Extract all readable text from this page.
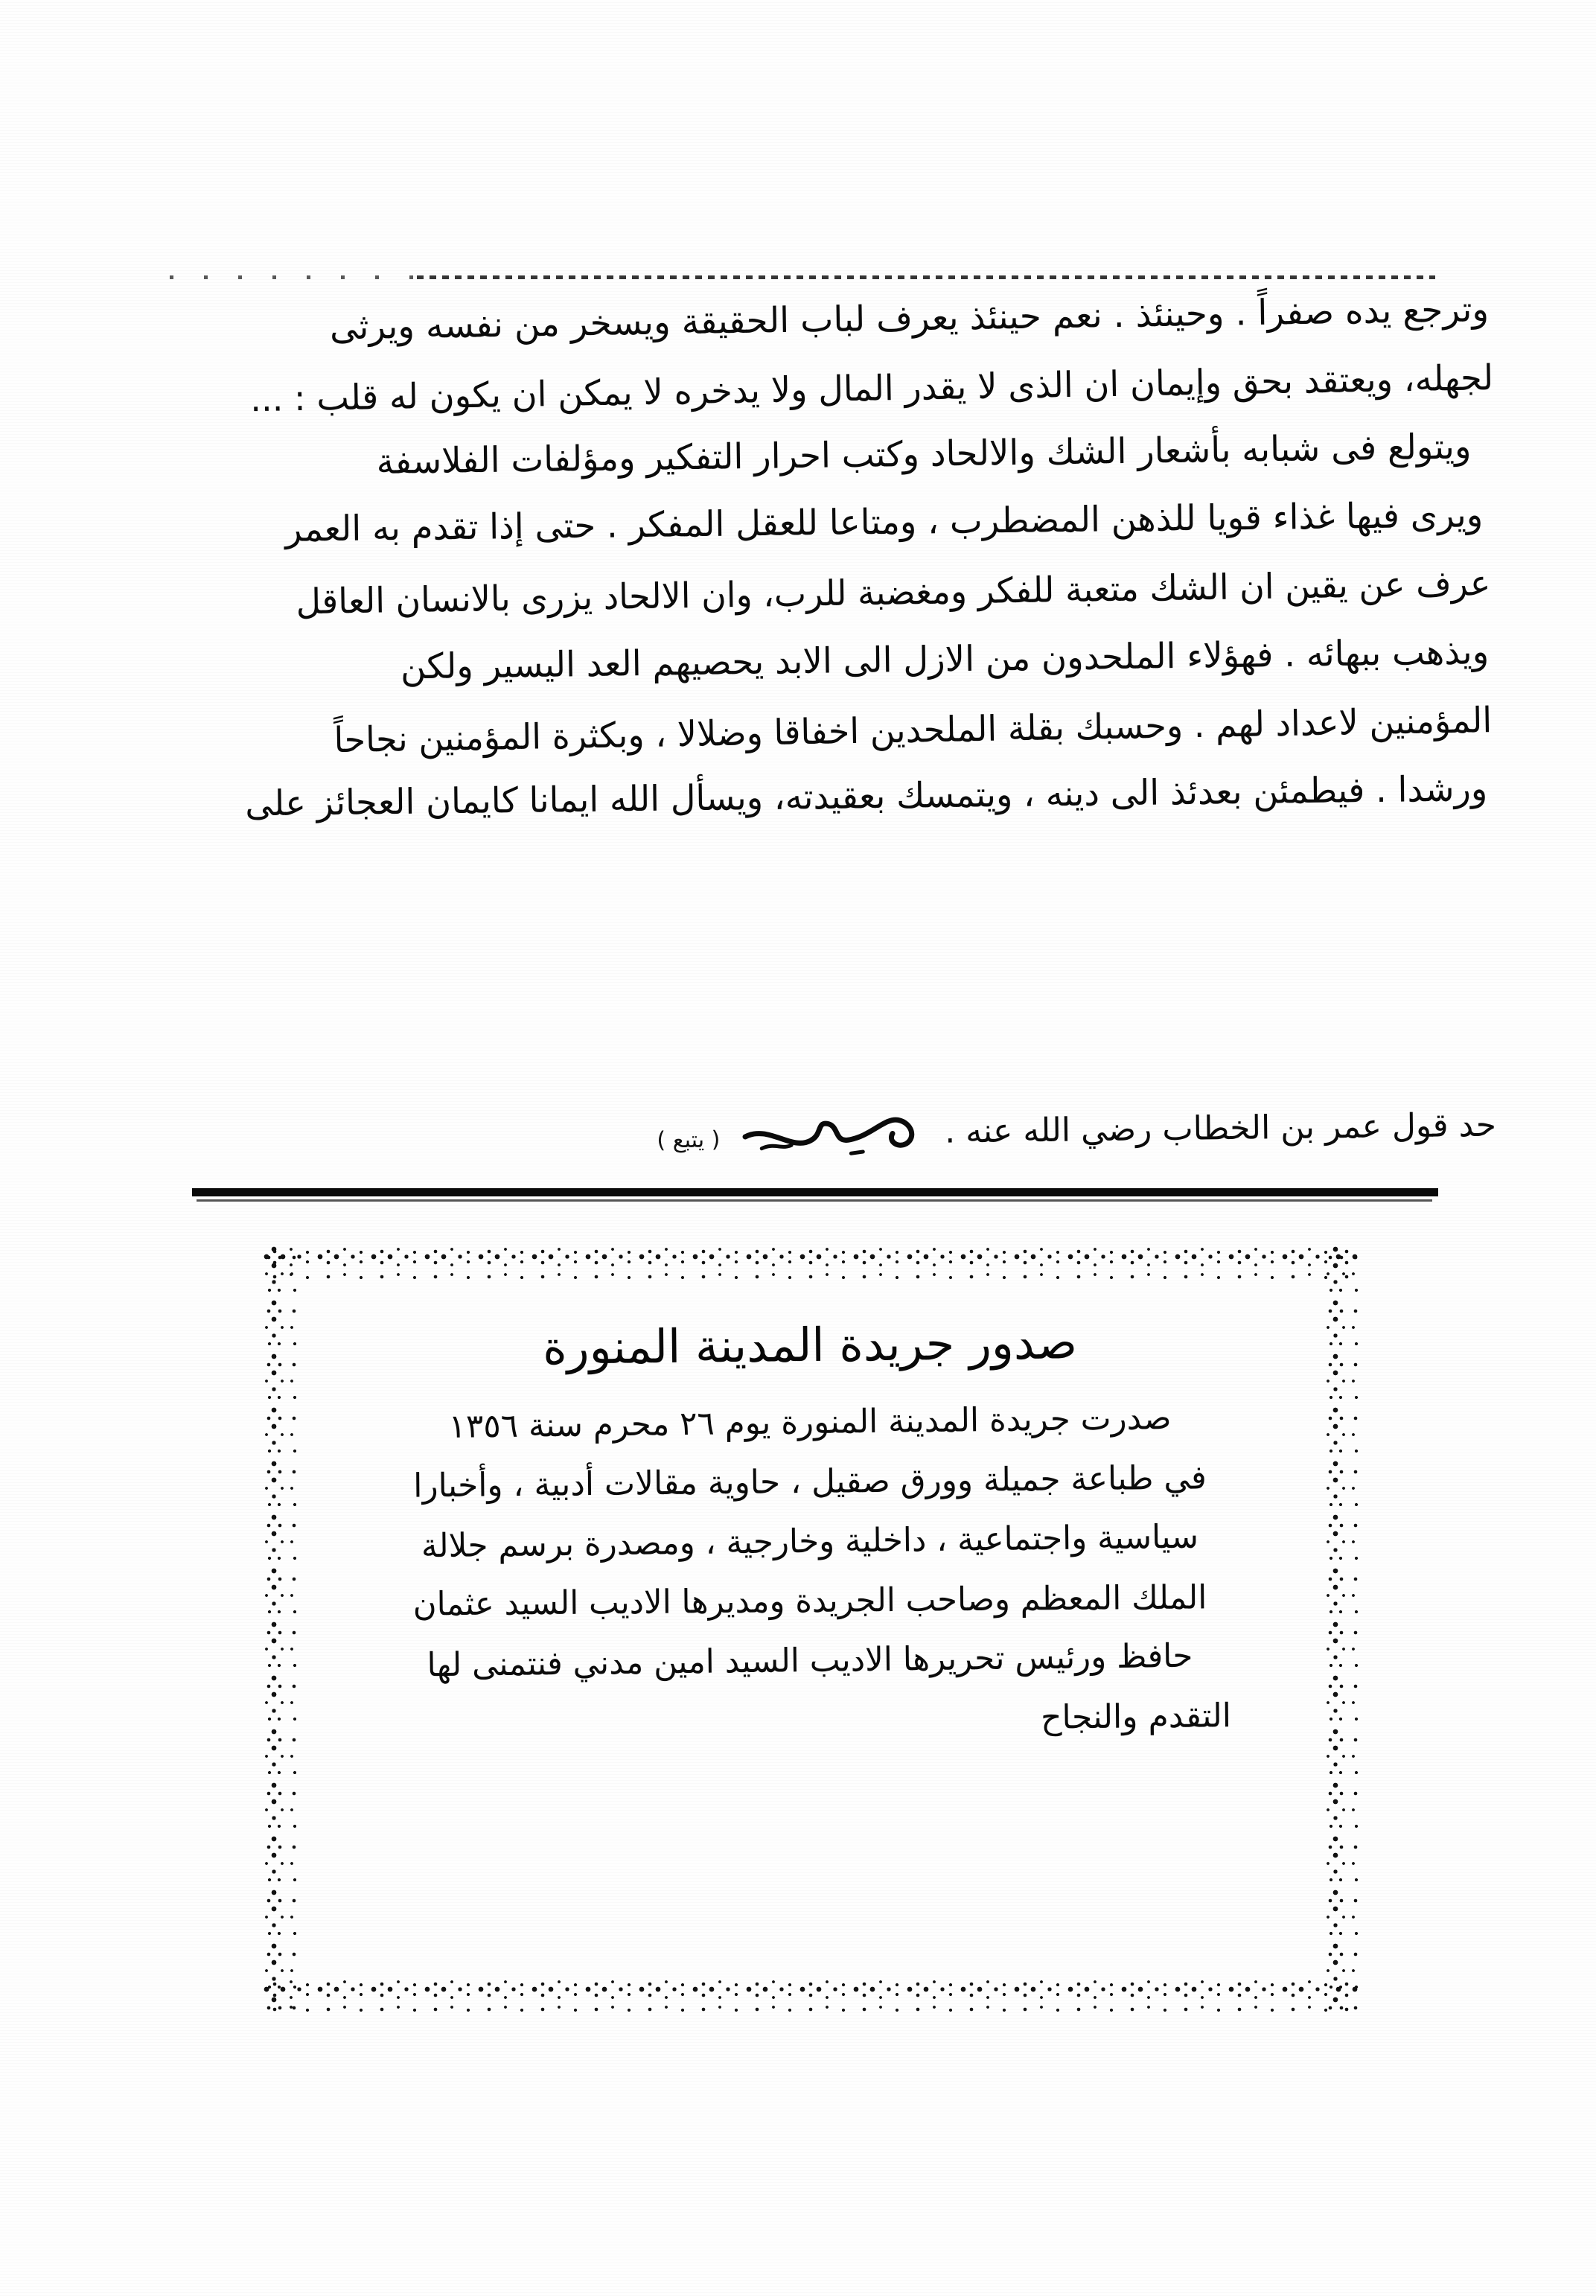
وترجع يده صفراً . وحينئذ . نعم حينئذ يعرف لباب الحقيقة ويسخر من نفسه ويرثى
لجهله، ويعتقد بحق وإيمان ان الذى لا يقدر المال ولا يدخره لا يمكن ان يكون له قلب : ...
ويتولع فى شبابه بأشعار الشك والالحاد وكتب احرار التفكير ومؤلفات الفلاسفة
ويرى فيها غذاء قويا للذهن المضطرب ، ومتاعا للعقل المفكر . حتى إذا تقدم به العمر
عرف عن يقين ان الشك متعبة للفكر ومغضبة للرب، وان الالحاد يزرى بالانسان العاقل
ويذهب ببهائه . فهؤلاء الملحدون من الازل الى الابد يحصيهم العد اليسير ولكن
المؤمنين لاعداد لهم . وحسبك بقلة الملحدين اخفاقا وضلالا ، وبكثرة المؤمنين نجاحاً
ورشدا . فيطمئن بعدئذ الى دينه ، ويتمسك بعقيدته، ويسأل الله ايمانا كايمان العجائز على
حد قول عمر بن الخطاب رضي الله عنه .
( يتبع )
صدور جريدة المدينة المنورة
صدرت جريدة المدينة المنورة يوم ٢٦ محرم سنة ١٣٥٦
في طباعة جميلة وورق صقيل ، حاوية مقالات أدبية ، وأخبارا
سياسية واجتماعية ، داخلية وخارجية ، ومصدرة برسم جلالة
الملك المعظم وصاحب الجريدة ومديرها الاديب السيد عثمان
حافظ ورئيس تحريرها الاديب السيد امين مدني فنتمنى لها
التقدم والنجاح
